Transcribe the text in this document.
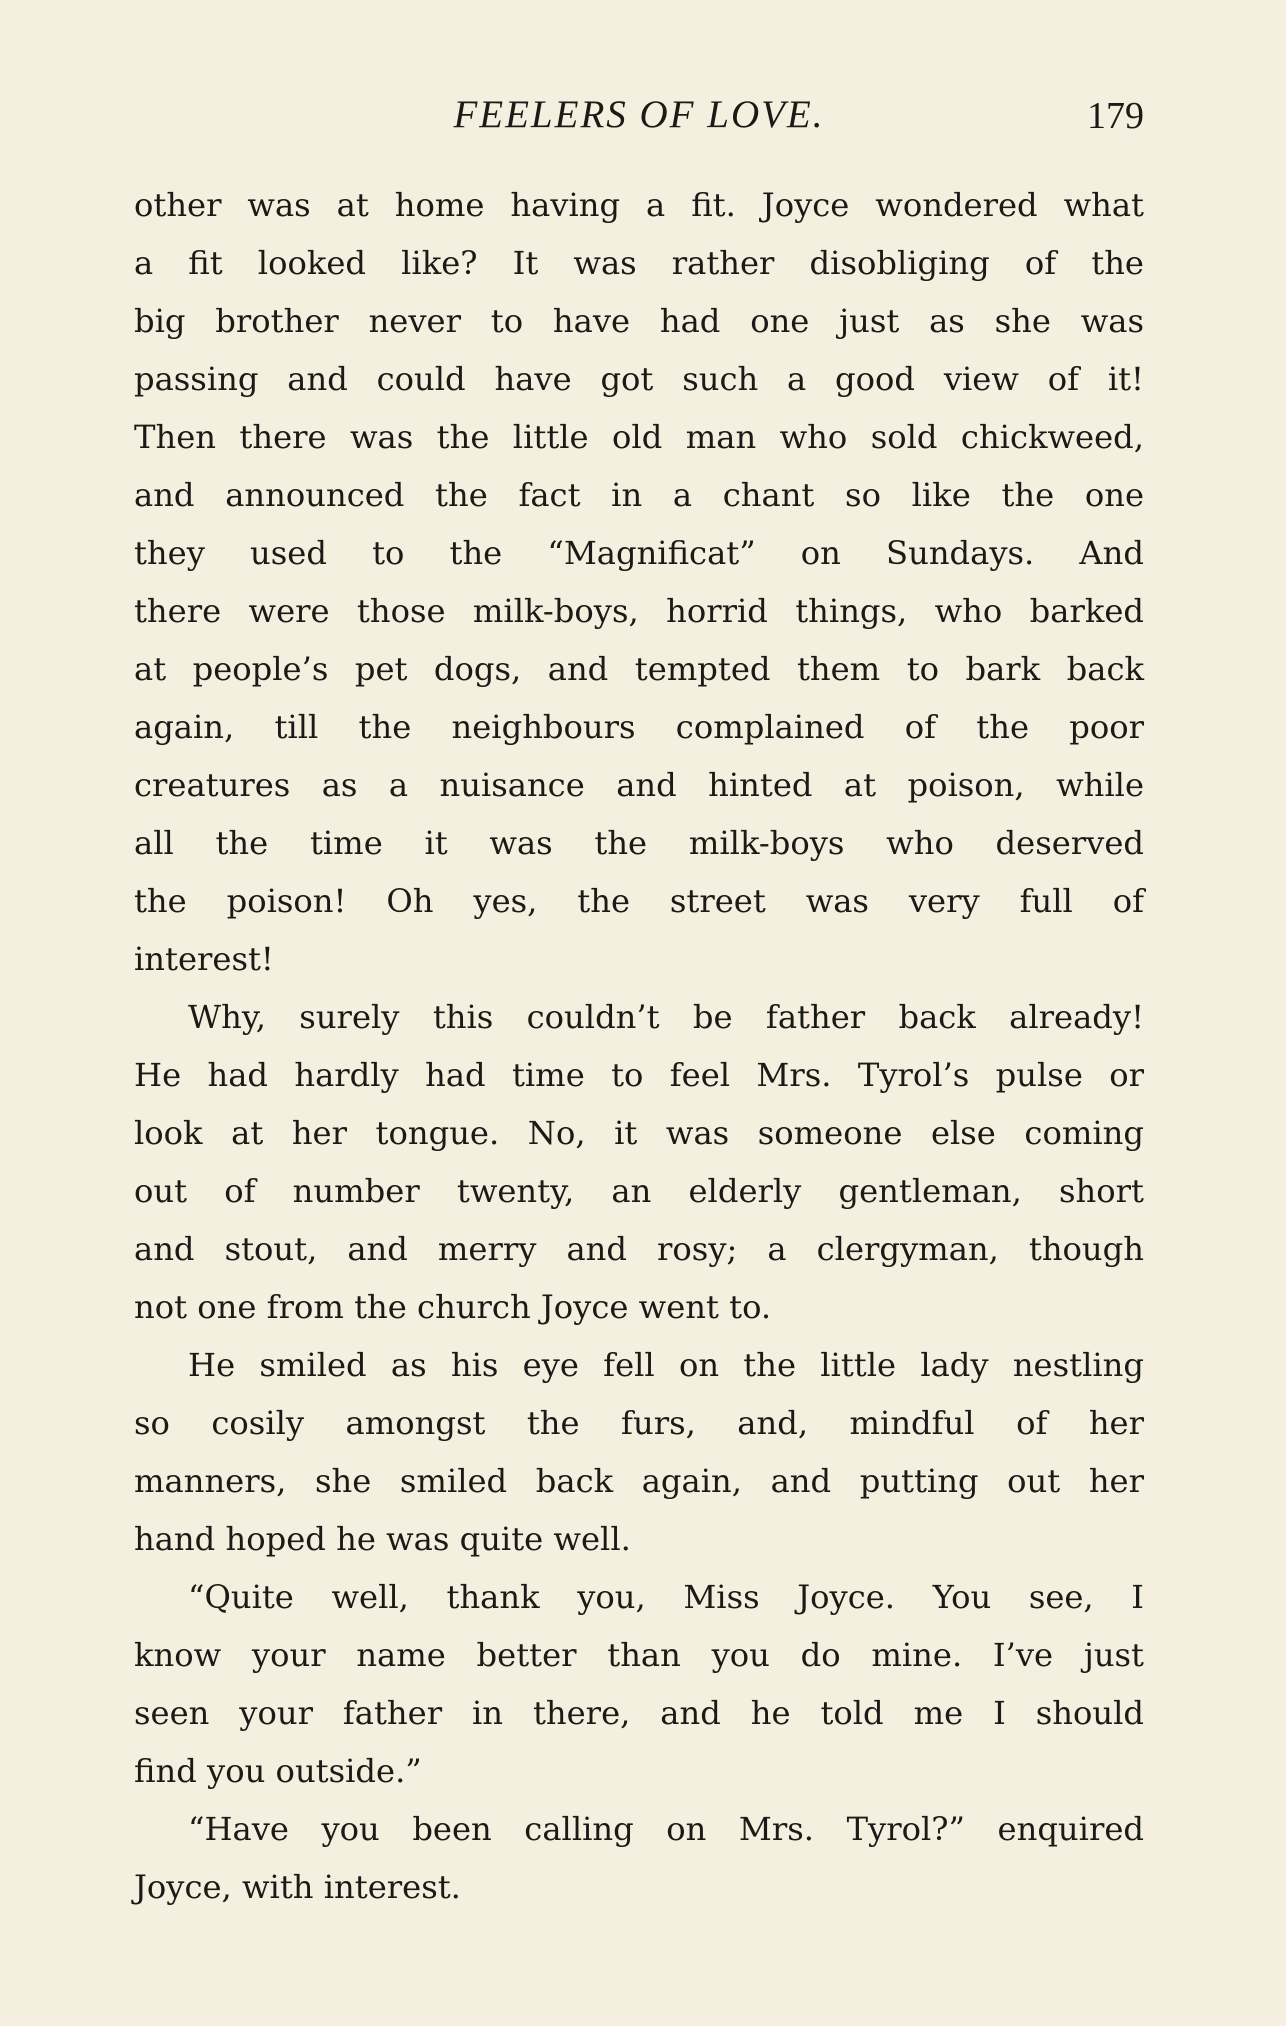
FEELERS OF LOVE.	179

other was at home having a fit. Joyce wondered what

a fit looked like? It was rather disobliging of the

big brother never to have had one just as she was

passing and could have got such a good view of it!

Then there was the little old man who sold chickweed,

and announced the fact in a chant so like the one

they used to the “Magnificat” on Sundays. And

there were those milk-boys, horrid things, who barked

at people’s pet dogs, and tempted them to bark back

again, till the neighbours complained of the poor

creatures as a nuisance and hinted at poison, while

all the time it was the milk-boys who deserved

the poison! Oh yes, the street was very full of

interest!

Why, surely this couldn’t be father back already!

He had hardly had time to feel Mrs. Tyrol’s pulse or

look at her tongue. No, it was someone else coming

out of number twenty, an elderly gentleman, short

and stout, and merry and rosy; a clergyman, though

not one from the church Joyce went to.

He smiled as his eye fell on the little lady nestling

so cosily amongst the furs, and, mindful of her

manners, she smiled back again, and putting out her

hand hoped he was quite well.

“Quite well, thank you, Miss Joyce. You see, I

know your name better than you do mine. I’ve just

seen your father in there, and he told me I should

find you outside.”

“Have you been calling on Mrs. Tyrol?” enquired

Joyce, with interest.
